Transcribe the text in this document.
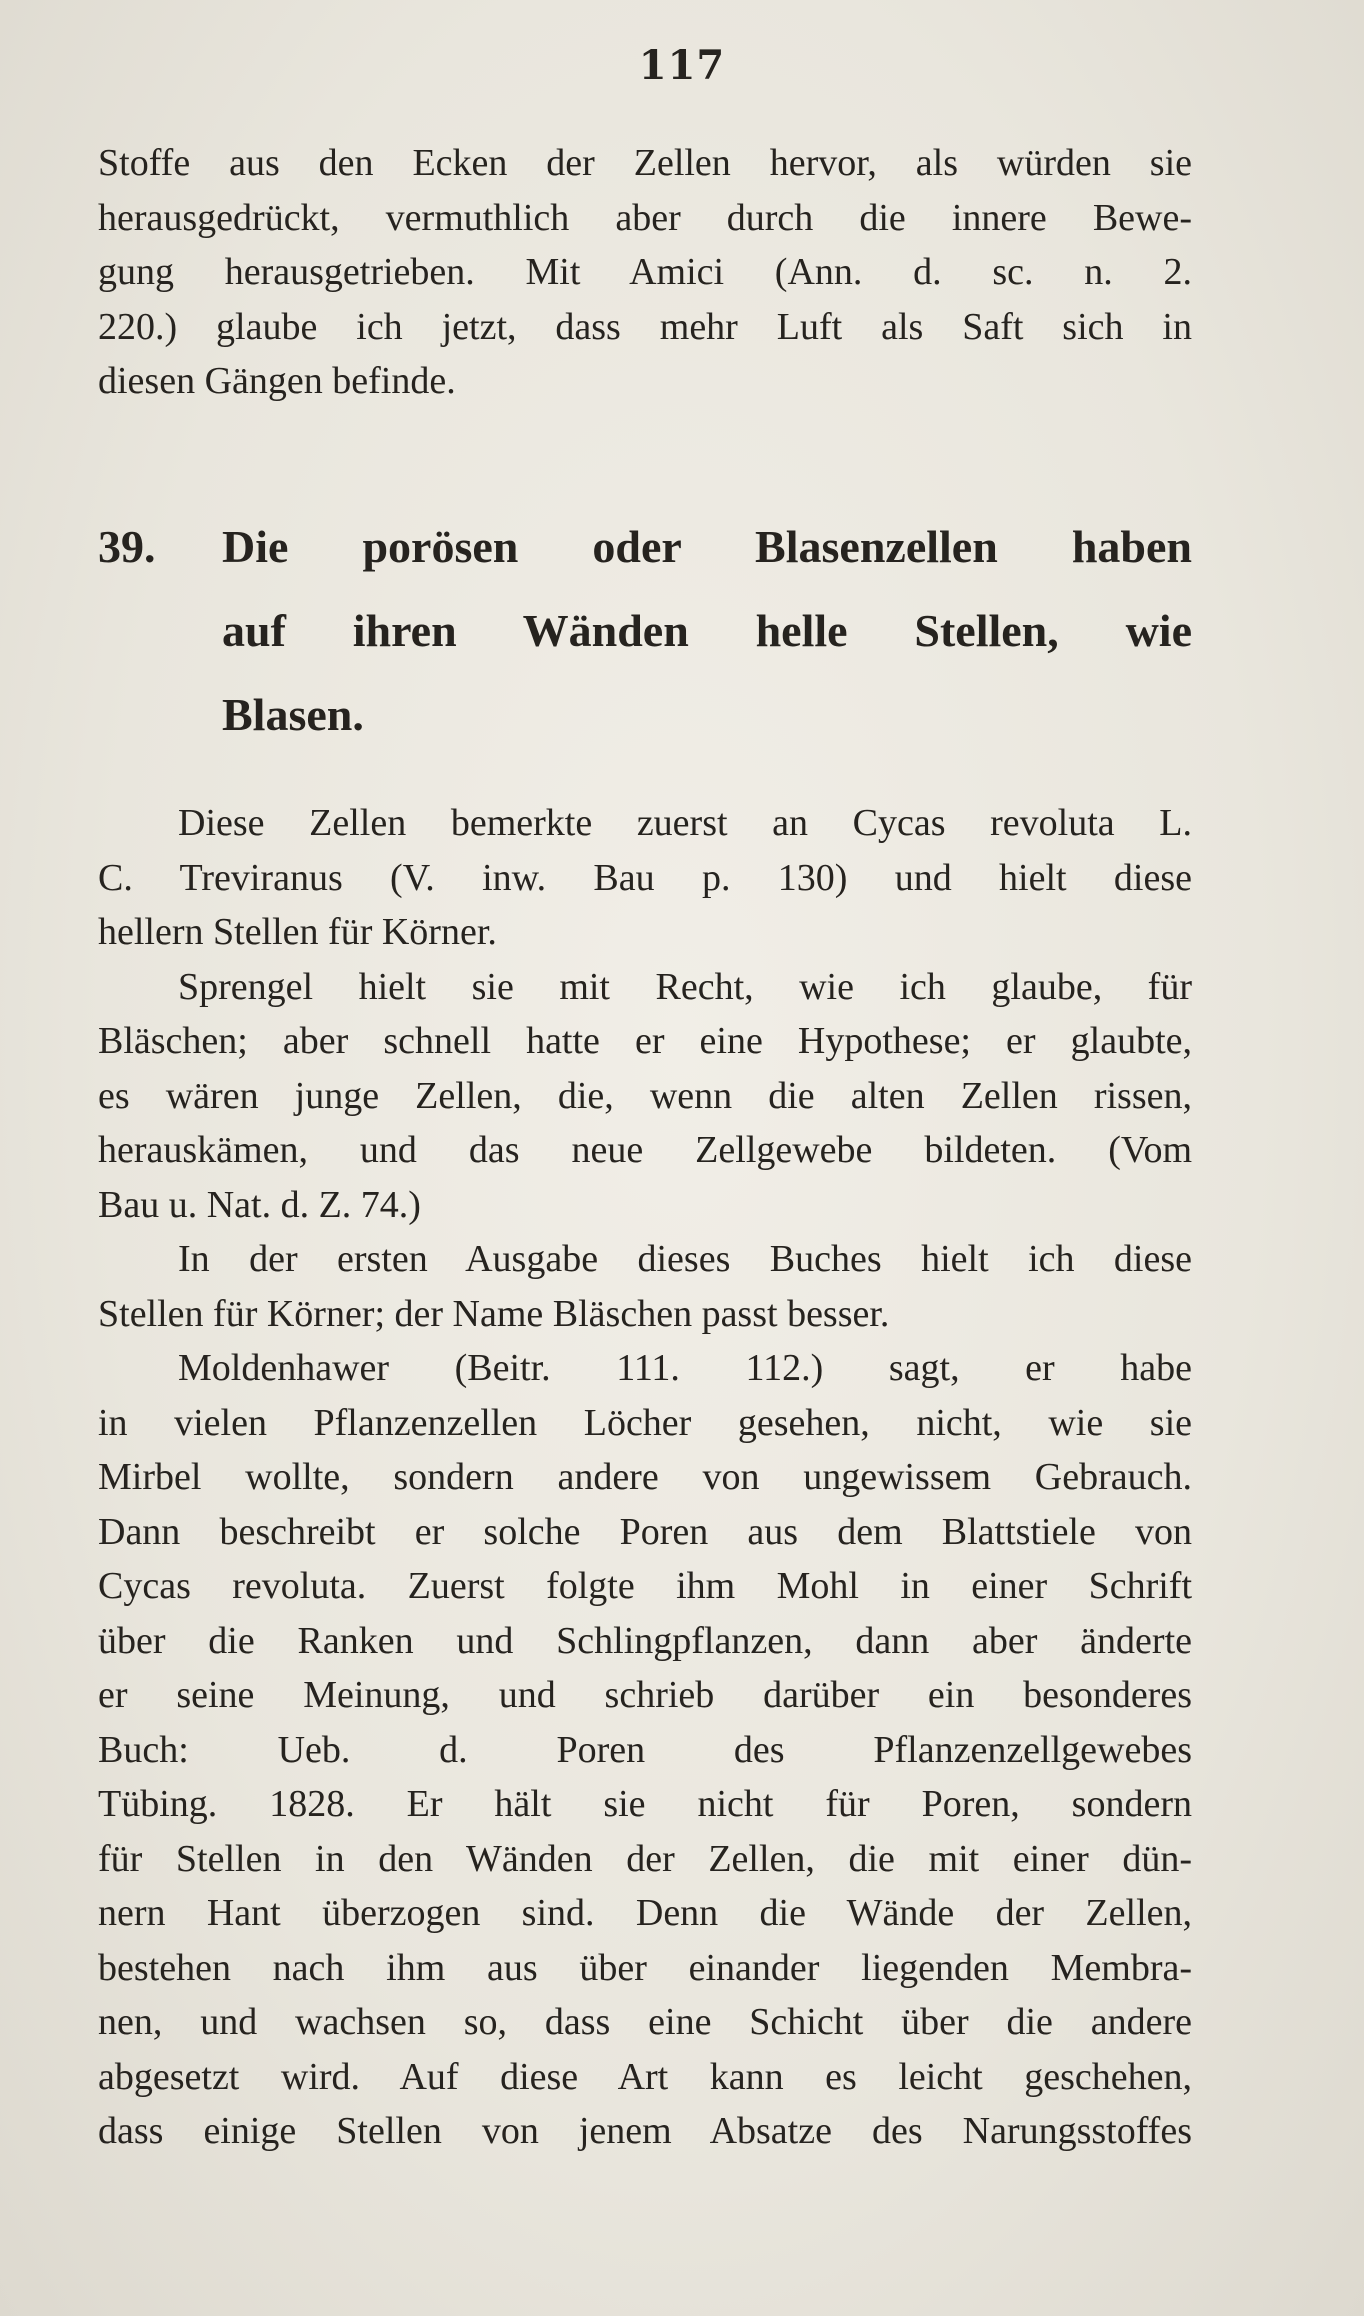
117
Stoffe aus den Ecken der Zellen hervor, als würden sie
herausgedrückt, vermuthlich aber durch die innere Bewe-
gung herausgetrieben. Mit Amici (Ann. d. sc. n. 2.
220.) glaube ich jetzt, dass mehr Luft als Saft sich in
diesen Gängen befinde.
39. Die porösen oder Blasenzellen haben
auf ihren Wänden helle Stellen, wie
Blasen.
Diese Zellen bemerkte zuerst an Cycas revoluta L.
C. Treviranus (V. inw. Bau p. 130) und hielt diese
hellern Stellen für Körner.
Sprengel hielt sie mit Recht, wie ich glaube, für
Bläschen; aber schnell hatte er eine Hypothese; er glaubte,
es wären junge Zellen, die, wenn die alten Zellen rissen,
herauskämen, und das neue Zellgewebe bildeten. (Vom
Bau u. Nat. d. Z. 74.)
In der ersten Ausgabe dieses Buches hielt ich diese
Stellen für Körner; der Name Bläschen passt besser.
Moldenhawer (Beitr. 111. 112.) sagt, er habe
in vielen Pflanzenzellen Löcher gesehen, nicht, wie sie
Mirbel wollte, sondern andere von ungewissem Gebrauch.
Dann beschreibt er solche Poren aus dem Blattstiele von
Cycas revoluta. Zuerst folgte ihm Mohl in einer Schrift
über die Ranken und Schlingpflanzen, dann aber änderte
er seine Meinung, und schrieb darüber ein besonderes
Buch: Ueb. d. Poren des Pflanzenzellgewebes
Tübing. 1828. Er hält sie nicht für Poren, sondern
für Stellen in den Wänden der Zellen, die mit einer dün-
nern Hant überzogen sind. Denn die Wände der Zellen,
bestehen nach ihm aus über einander liegenden Membra-
nen, und wachsen so, dass eine Schicht über die andere
abgesetzt wird. Auf diese Art kann es leicht geschehen,
dass einige Stellen von jenem Absatze des Narungsstoffes
